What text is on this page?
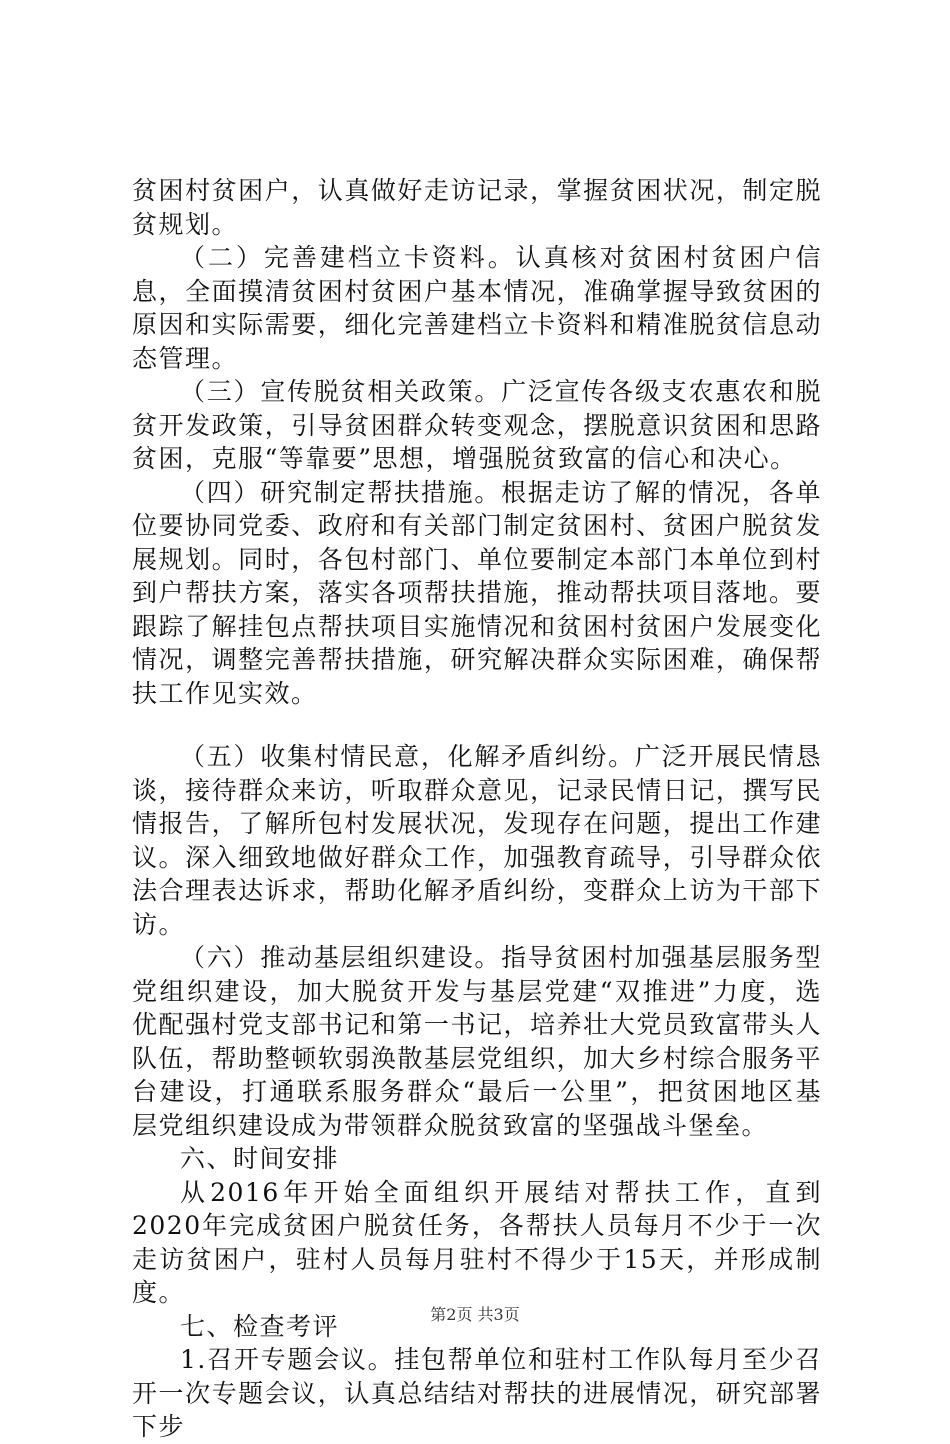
贫困村贫困户，认真做好走访记录，掌握贫困状况，制定脱贫规划。

（二）完善建档立卡资料。认真核对贫困村贫困户信息，全面摸清贫困村贫困户基本情况，准确掌握导致贫困的原因和实际需要，细化完善建档立卡资料和精准脱贫信息动态管理。

（三）宣传脱贫相关政策。广泛宣传各级支农惠农和脱贫开发政策，引导贫困群众转变观念，摆脱意识贫困和思路贫困，克服“等靠要”思想，增强脱贫致富的信心和决心。

（四）研究制定帮扶措施。根据走访了解的情况，各单位要协同党委、政府和有关部门制定贫困村、贫困户脱贫发展规划。同时，各包村部门、单位要制定本部门本单位到村到户帮扶方案，落实各项帮扶措施，推动帮扶项目落地。要跟踪了解挂包点帮扶项目实施情况和贫困村贫困户发展变化情况，调整完善帮扶措施，研究解决群众实际困难，确保帮扶工作见实效。

（五）收集村情民意，化解矛盾纠纷。广泛开展民情恳谈，接待群众来访，听取群众意见，记录民情日记，撰写民情报告，了解所包村发展状况，发现存在问题，提出工作建议。深入细致地做好群众工作，加强教育疏导，引导群众依法合理表达诉求，帮助化解矛盾纠纷，变群众上访为干部下访。

（六）推动基层组织建设。指导贫困村加强基层服务型党组织建设，加大脱贫开发与基层党建“双推进”力度，选优配强村党支部书记和第一书记，培养壮大党员致富带头人队伍，帮助整顿软弱涣散基层党组织，加大乡村综合服务平台建设，打通联系服务群众“最后一公里”，把贫困地区基层党组织建设成为带领群众脱贫致富的坚强战斗堡垒。

六、时间安排

从2016年开始全面组织开展结对帮扶工作，直到2020年完成贫困户脱贫任务，各帮扶人员每月不少于一次走访贫困户，驻村人员每月驻村不得少于15天，并形成制度。

七、检查考评

1.召开专题会议。挂包帮单位和驻村工作队每月至少召开一次专题会议，认真总结结对帮扶的进展情况，研究部署下步

第2页 共3页
